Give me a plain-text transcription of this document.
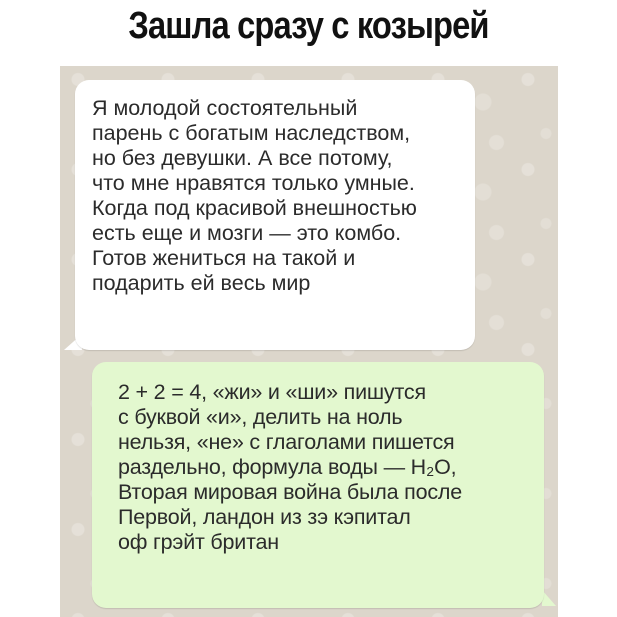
Зашла сразу с козырей
Я молодой состоятельный
парень с богатым наследством,
но без девушки. А все потому,
что мне нравятся только умные.
Когда под красивой внешностью
есть еще и мозги — это комбо.
Готов жениться на такой и
подарить ей весь мир
2 + 2 = 4, «жи» и «ши» пишутся
с буквой «и», делить на ноль
нельзя, «не» с глаголами пишется
раздельно, формула воды — H₂O,
Вторая мировая война была после
Первой, ландон из зэ кэпитал
оф грэйт британ
